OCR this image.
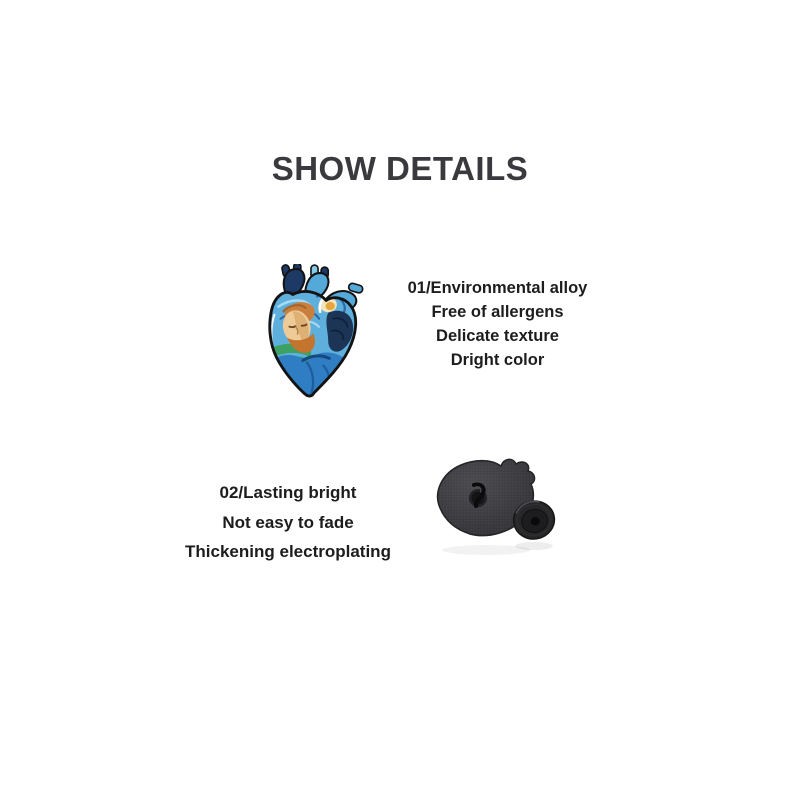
SHOW DETAILS
01/Environmental alloy
Free of allergens
Delicate texture
Dright color
02/Lasting bright
Not easy to fade
Thickening electroplating
